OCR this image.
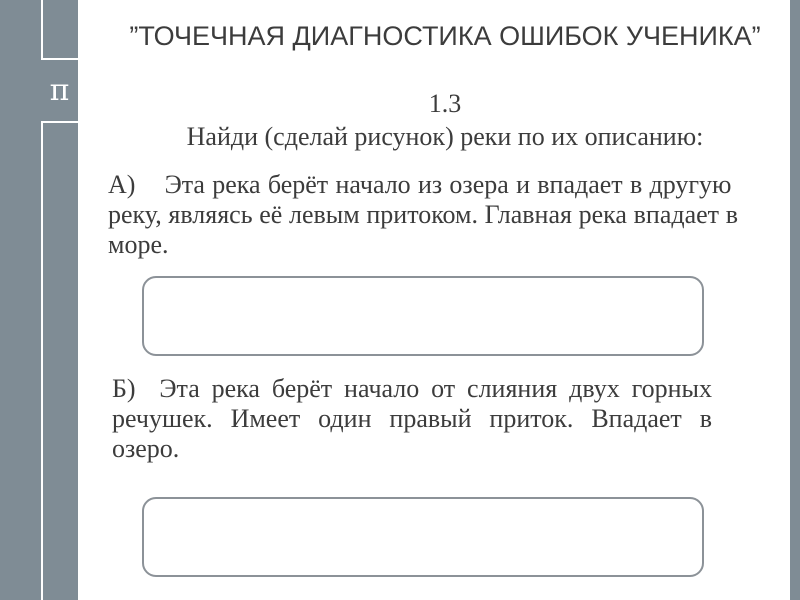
π
”ТОЧЕЧНАЯ ДИАГНОСТИКА ОШИБОК УЧЕНИКА”
1.3
Найди (сделай рисунок) реки по их описанию:
А)    Эта река берёт начало из озера и впадает в другую  реку, являясь её левым притоком. Главная река впадает в море.
Б)  Эта река берёт начало от слияния двух горных речушек. Имеет один правый приток. Впадает в озеро.
